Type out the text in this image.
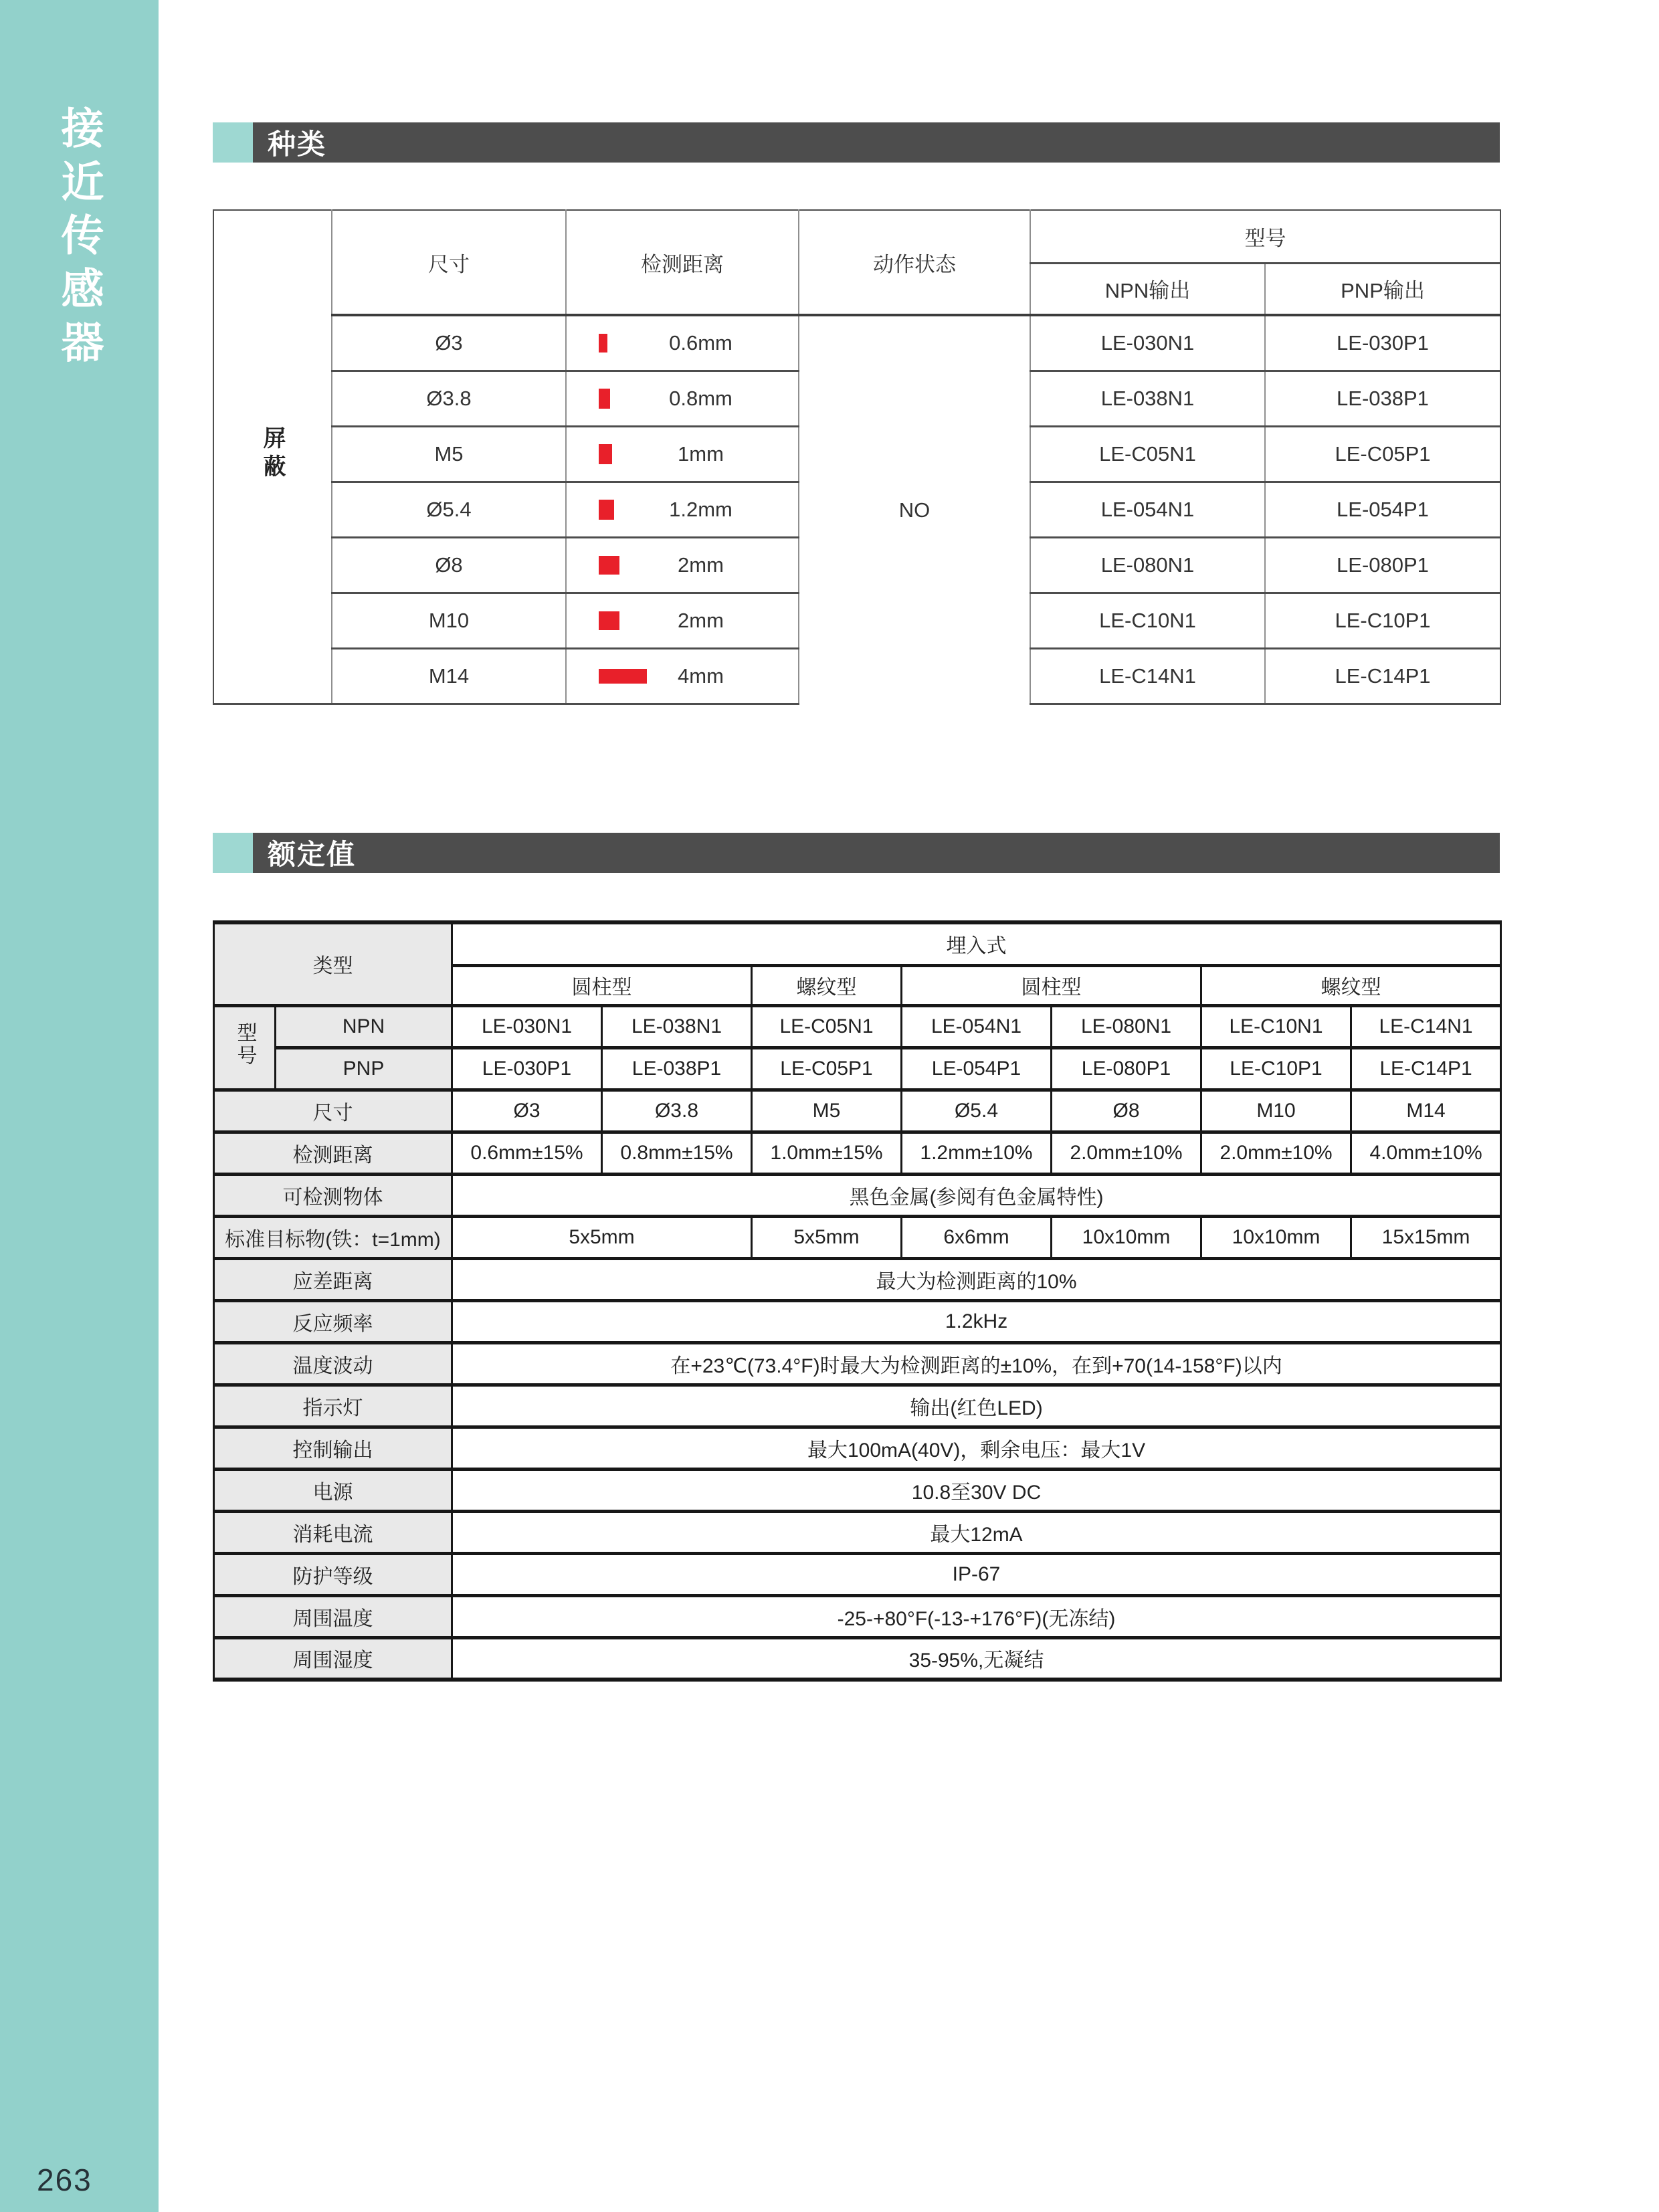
接近传感器
263
种类
屏蔽	尺寸	检测距离	动作状态	型号	
				NPN输出	PNP输出
	Ø3	0.6mm	NO	LE-030N1	LE-030P1
	Ø3.8	0.8mm		LE-038N1	LE-038P1
	M5	1mm		LE-C05N1	LE-C05P1
	Ø5.4	1.2mm		LE-054N1	LE-054P1
	Ø8	2mm		LE-080N1	LE-080P1
	M10	2mm		LE-C10N1	LE-C10P1
	M14	4mm		LE-C14N1	LE-C14P1
额定值
类型		埋入式						
		圆柱型		螺纹型	圆柱型		螺纹型	
型号	NPN	LE-030N1	LE-038N1	LE-C05N1	LE-054N1	LE-080N1	LE-C10N1	LE-C14N1
	PNP	LE-030P1	LE-038P1	LE-C05P1	LE-054P1	LE-080P1	LE-C10P1	LE-C14P1
尺寸		Ø3	Ø3.8	M5	Ø5.4	Ø8	M10	M14
检测距离		0.6mm±15%	0.8mm±15%	1.0mm±15%	1.2mm±10%	2.0mm±10%	2.0mm±10%	4.0mm±10%
可检测物体		黑色金属(参阅有色金属特性)						
标准目标物(铁：t=1mm)		5x5mm		5x5mm	6x6mm	10x10mm	10x10mm	15x15mm
应差距离		最大为检测距离的10%						
反应频率		1.2kHz						
温度波动		在+23℃(73.4°F)时最大为检测距离的±10%，在到+70(14-158°F)以内						
指示灯		输出(红色LED)						
控制输出		最大100mA(40V)，剩余电压：最大1V						
电源		10.8至30V DC						
消耗电流		最大12mA						
防护等级		IP-67						
周围温度		-25-+80°F(-13-+176°F)(无冻结)						
周围湿度		35-95%,无凝结						
